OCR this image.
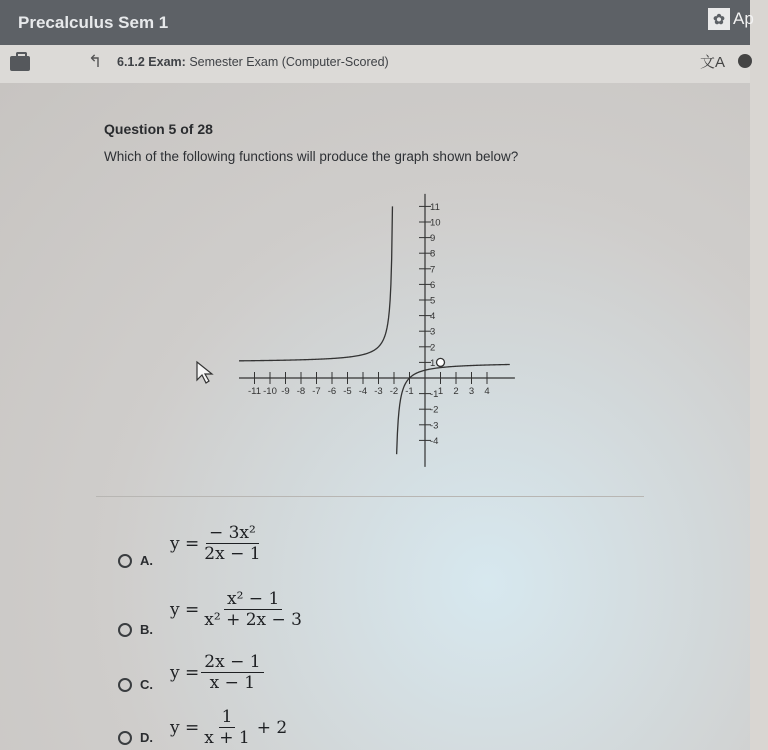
Precalculus Sem 1	✿ Ap
↰ 6.1.2 Exam: Semester Exam (Computer-Scored)	文A
Question 5 of 28
Which of the following functions will produce the graph shown below?
-11 -10 -9 -8 -7 -6 -5 -4 -3 -2 -1	1 2 3 4
11
10
9
8
7
6
5
4
3
2
1
-1
-2
-3
-4
A.
$y = \frac{\text{− 3x²}}{2x - 1}$
B.
$y = \frac{\text{x² − 1}}{\text{x² + 2x − 3}}$
C.
$y = \frac{2x - 1}{x - 1}$
D. $y = \frac{1}{x + 1} + 2$
